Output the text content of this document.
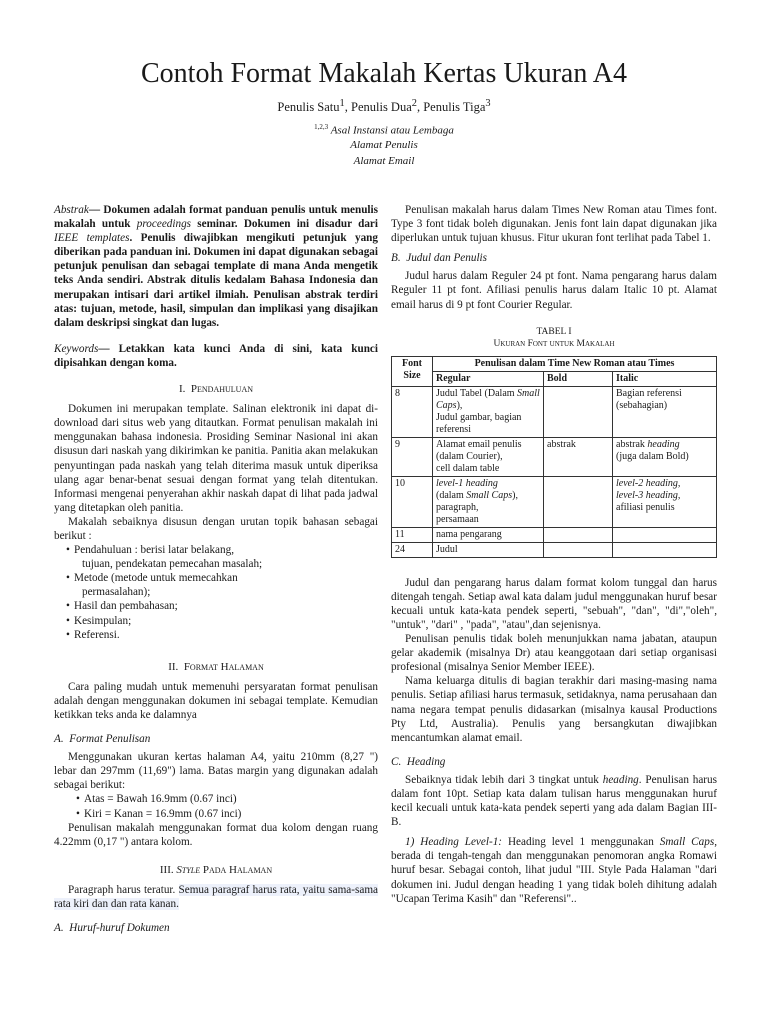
Contoh Format Makalah Kertas Ukuran A4
Penulis Satu$^1$, Penulis Dua$^2$, Penulis Tiga$^3$
$^{1,2,3}$ Asal Instansi atau Lembaga
Alamat Penulis
Alamat Email

Abstrak— Dokumen adalah format panduan penulis untuk menulis makalah untuk proceedings seminar. Dokumen ini disadur dari IEEE templates. Penulis diwajibkan mengikuti petunjuk yang diberikan pada panduan ini. Dokumen ini dapat digunakan sebagai petunjuk penulisan dan sebagai template di mana Anda mengetik teks Anda sendiri. Abstrak ditulis kedalam Bahasa Indonesia dan merupakan intisari dari artikel ilmiah. Penulisan abstrak terdiri atas: tujuan, metode, hasil, simpulan dan implikasi yang disajikan dalam deskripsi singkat dan lugas.

Keywords— Letakkan kata kunci Anda di sini, kata kunci dipisahkan dengan koma.

I. Pendahuluan

Dokumen ini merupakan template. Salinan elektronik ini dapat di-download dari situs web yang ditautkan. Format penulisan makalah ini menggunakan bahasa indonesia. Prosiding Seminar Nasional ini akan disusun dari naskah yang dikirimkan ke panitia. Panitia akan melakukan penyuntingan pada naskah yang telah diterima masuk untuk diperiksa ulang agar benar-benat sesuai dengan format yang telah ditentukan. Informasi mengenai penyerahan akhir naskah dapat di lihat pada jadwal yang ditetapkan oleh panitia.

Makalah sebaiknya disusun dengan urutan topik bahasan sebagai berikut :

• Pendahuluan : berisi latar belakang,
tujuan, pendekatan pemecahan masalah;
• Metode (metode untuk memecahkan
permasalahan);
• Hasil dan pembahasan;
• Kesimpulan;
• Referensi.
II. Format Halaman

Cara paling mudah untuk memenuhi persyaratan format penulisan adalah dengan menggunakan dokumen ini sebagai template. Kemudian ketikkan teks anda ke dalamnya

A. Format Penulisan

Menggunakan ukuran kertas halaman A4, yaitu 210mm (8,27 ") lebar dan 297mm (11,69") lama. Batas margin yang digunakan adalah sebagai berikut:

• Atas = Bawah 16.9mm (0.67 inci)
• Kiri = Kanan = 16.9mm (0.67 inci)

Penulisan makalah menggunakan format dua kolom dengan ruang 4.22mm (0,17 ") antara kolom.

III. Style Pada Halaman

Paragraph harus teratur. Semua paragraf harus rata, yaitu sama-sama rata kiri dan dan rata kanan.

A. Huruf-huruf Dokumen

Penulisan makalah harus dalam Times New Roman atau Times font. Type 3 font tidak boleh digunakan. Jenis font lain dapat digunakan jika diperlukan untuk tujuan khusus. Fitur ukuran font terlihat pada Tabel 1.

B. Judul dan Penulis

Judul harus dalam Reguler 24 pt font. Nama pengarang harus dalam Reguler 11 pt font. Afiliasi penulis harus dalam Italic 10 pt. Alamat email harus di 9 pt font Courier Regular.

TABEL I
Ukuran Font untuk Makalah
Font Size	Penulisan dalam Time New Roman atau Times		
	Regular	Bold	Italic
8	Judul Tabel (Dalam Small Caps),
Judul gambar, bagian referensi		Bagian referensi (sebahagian)
9	Alamat email penulis (dalam Courier),
cell dalam table	abstrak	abstrak heading
(juga dalam Bold)
10	level-1 heading
(dalam Small Caps),
paragraph,
persamaan		level-2 heading,
level-3 heading,
afiliasi penulis
11	nama pengarang		
24	Judul		

Judul dan pengarang harus dalam format kolom tunggal dan harus ditengah tengah. Setiap awal kata dalam judul menggunakan huruf besar kecuali untuk kata-kata pendek seperti, "sebuah", "dan", "di","oleh", "untuk", "dari" , "pada", "atau",dan sejenisnya.

Penulisan penulis tidak boleh menunjukkan nama jabatan, ataupun gelar akademik (misalnya Dr) atau keanggotaan dari setiap organisasi profesional (misalnya Senior Member IEEE).

Nama keluarga ditulis di bagian terakhir dari masing-masing nama penulis. Setiap afiliasi harus termasuk, setidaknya, nama perusahaan dan nama negara tempat penulis didasarkan (misalnya kausal Productions Pty Ltd, Australia). Penulis yang bersangkutan diwajibkan mencantumkan alamat email.

C. Heading

Sebaiknya tidak lebih dari 3 tingkat untuk heading. Penulisan harus dalam font 10pt. Setiap kata dalam tulisan harus menggunakan huruf kecil kecuali untuk kata-kata pendek seperti yang ada dalam Bagian III-B.

1) Heading Level-1: Heading level 1 menggunakan Small Caps, berada di tengah-tengah dan menggunakan penomoran angka Romawi huruf besar. Sebagai contoh, lihat judul "III. Style Pada Halaman "dari dokumen ini. Judul dengan heading 1 yang tidak boleh dihitung adalah "Ucapan Terima Kasih" dan "Referensi"..
